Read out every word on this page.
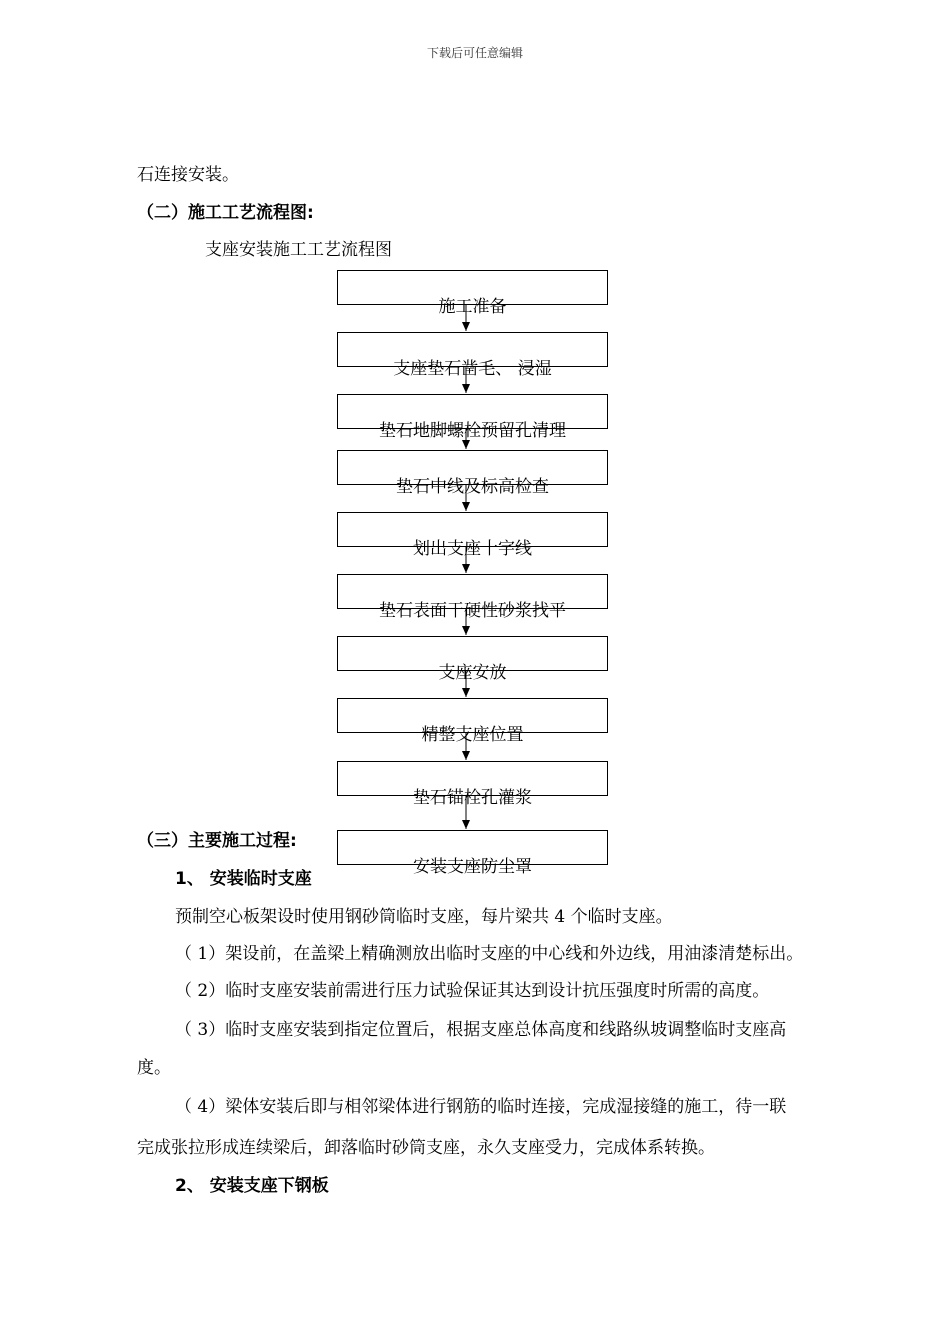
下载后可任意编辑
石连接安装。
（二）施工工艺流程图:
支座安装施工工艺流程图
施工准备
支座垫石凿毛、 浸湿
垫石地脚螺栓预留孔清理
垫石中线及标高检查
划出支座十字线
垫石表面干硬性砂浆找平
支座安放
精整支座位置
垫石锚栓孔灌浆
安装支座防尘罩
（三）主要施工过程:
1、 安装临时支座
预制空心板架设时使用钢砂筒临时支座，每片梁共 4 个临时支座。
（ 1）架设前，在盖梁上精确测放出临时支座的中心线和外边线，用油漆清楚标出。
（ 2）临时支座安装前需进行压力试验保证其达到设计抗压强度时所需的高度。
（ 3）临时支座安装到指定位置后，根据支座总体高度和线路纵坡调整临时支座高
度。
（ 4）梁体安装后即与相邻梁体进行钢筋的临时连接，完成湿接缝的施工，待一联
完成张拉形成连续梁后，卸落临时砂筒支座，永久支座受力，完成体系转换。
2、 安装支座下钢板
